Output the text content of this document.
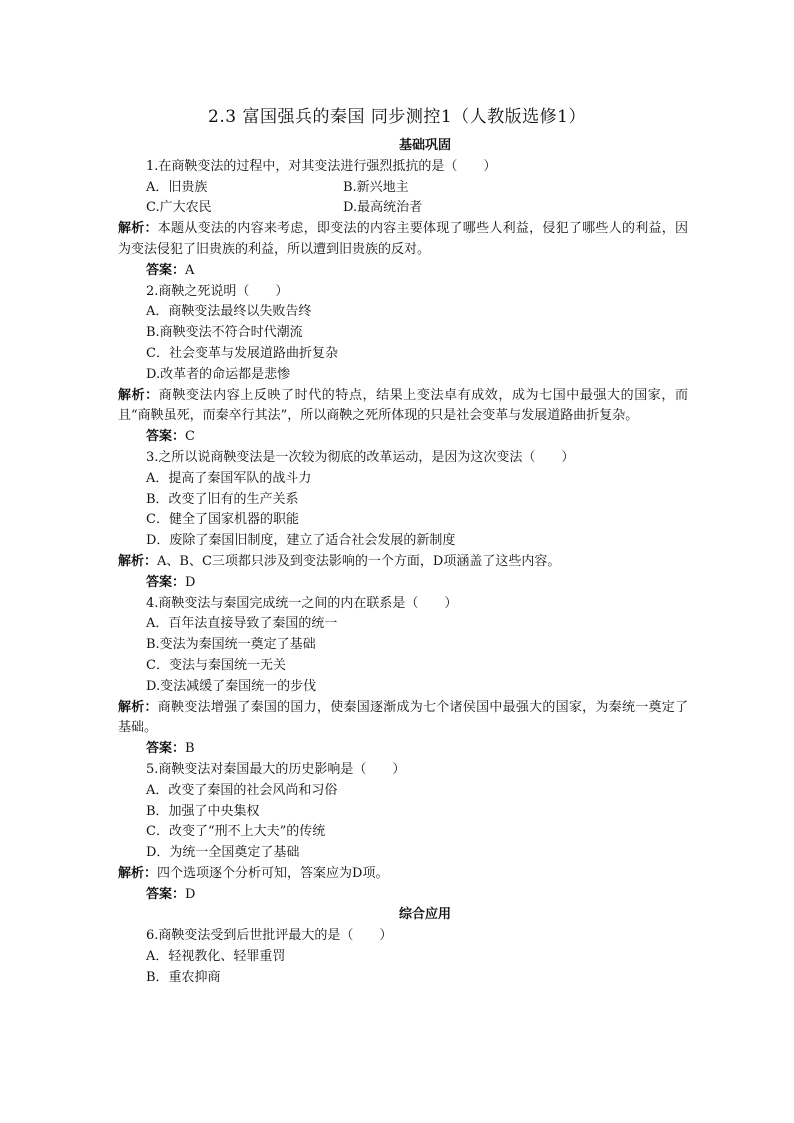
2.3 富国强兵的秦国 同步测控1（人教版选修1）
基础巩固
1.在商鞅变法的过程中，对其变法进行强烈抵抗的是（　　）
A．旧贵族	B.新兴地主
C.广大农民	D.最高统治者
解析：本题从变法的内容来考虑，即变法的内容主要体现了哪些人利益，侵犯了哪些人的利益，因为变法侵犯了旧贵族的利益，所以遭到旧贵族的反对。
答案：A
2.商鞅之死说明（　　）
A．商鞅变法最终以失败告终
B.商鞅变法不符合时代潮流
C．社会变革与发展道路曲折复杂
D.改革者的命运都是悲惨
解析：商鞅变法内容上反映了时代的特点，结果上变法卓有成效，成为七国中最强大的国家，而且“商鞅虽死，而秦卒行其法”，所以商鞅之死所体现的只是社会变革与发展道路曲折复杂。
答案：C
3.之所以说商鞅变法是一次较为彻底的改革运动，是因为这次变法（　　）
A．提高了秦国军队的战斗力
B．改变了旧有的生产关系
C．健全了国家机器的职能
D．废除了秦国旧制度，建立了适合社会发展的新制度
解析：A、B、C三项都只涉及到变法影响的一个方面，D项涵盖了这些内容。
答案：D
4.商鞅变法与秦国完成统一之间的内在联系是（　　）
A．百年法直接导致了秦国的统一
B.变法为秦国统一奠定了基础
C．变法与秦国统一无关
D.变法减缓了秦国统一的步伐
解析：商鞅变法增强了秦国的国力，使秦国逐渐成为七个诸侯国中最强大的国家，为秦统一奠定了基础。
答案：B
5.商鞅变法对秦国最大的历史影响是（　　）
A．改变了秦国的社会风尚和习俗
B．加强了中央集权
C．改变了“刑不上大夫”的传统
D．为统一全国奠定了基础
解析：四个选项逐个分析可知，答案应为D项。
答案：D
综合应用
6.商鞅变法受到后世批评最大的是（　　）
A．轻视教化、轻罪重罚
B．重农抑商
